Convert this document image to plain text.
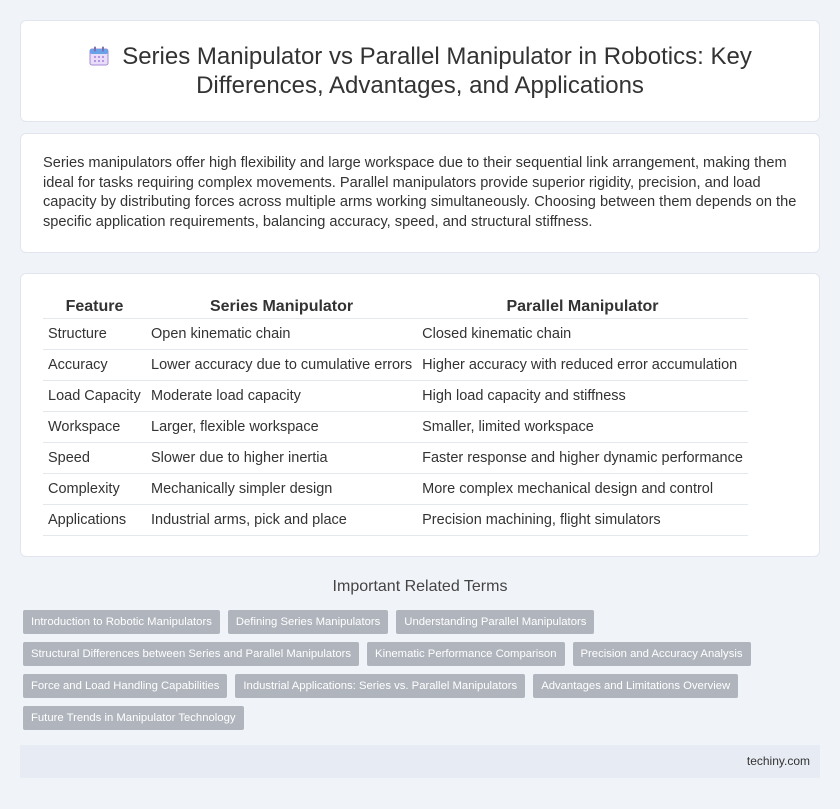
Series Manipulator vs Parallel Manipulator in Robotics: Key Differences, Advantages, and Applications
Series manipulators offer high flexibility and large workspace due to their sequential link arrangement, making them ideal for tasks requiring complex movements. Parallel manipulators provide superior rigidity, precision, and load capacity by distributing forces across multiple arms working simultaneously. Choosing between them depends on the specific application requirements, balancing accuracy, speed, and structural stiffness.
Feature	Series Manipulator	Parallel Manipulator
Structure	Open kinematic chain	Closed kinematic chain
Accuracy	Lower accuracy due to cumulative errors	Higher accuracy with reduced error accumulation
Load Capacity	Moderate load capacity	High load capacity and stiffness
Workspace	Larger, flexible workspace	Smaller, limited workspace
Speed	Slower due to higher inertia	Faster response and higher dynamic performance
Complexity	Mechanically simpler design	More complex mechanical design and control
Applications	Industrial arms, pick and place	Precision machining, flight simulators
Important Related Terms
Introduction to Robotic Manipulators	Defining Series Manipulators	Understanding Parallel Manipulators
Structural Differences between Series and Parallel Manipulators	Kinematic Performance Comparison	Precision and Accuracy Analysis
Force and Load Handling Capabilities	Industrial Applications: Series vs. Parallel Manipulators	Advantages and Limitations Overview
Future Trends in Manipulator Technology
techiny.com
